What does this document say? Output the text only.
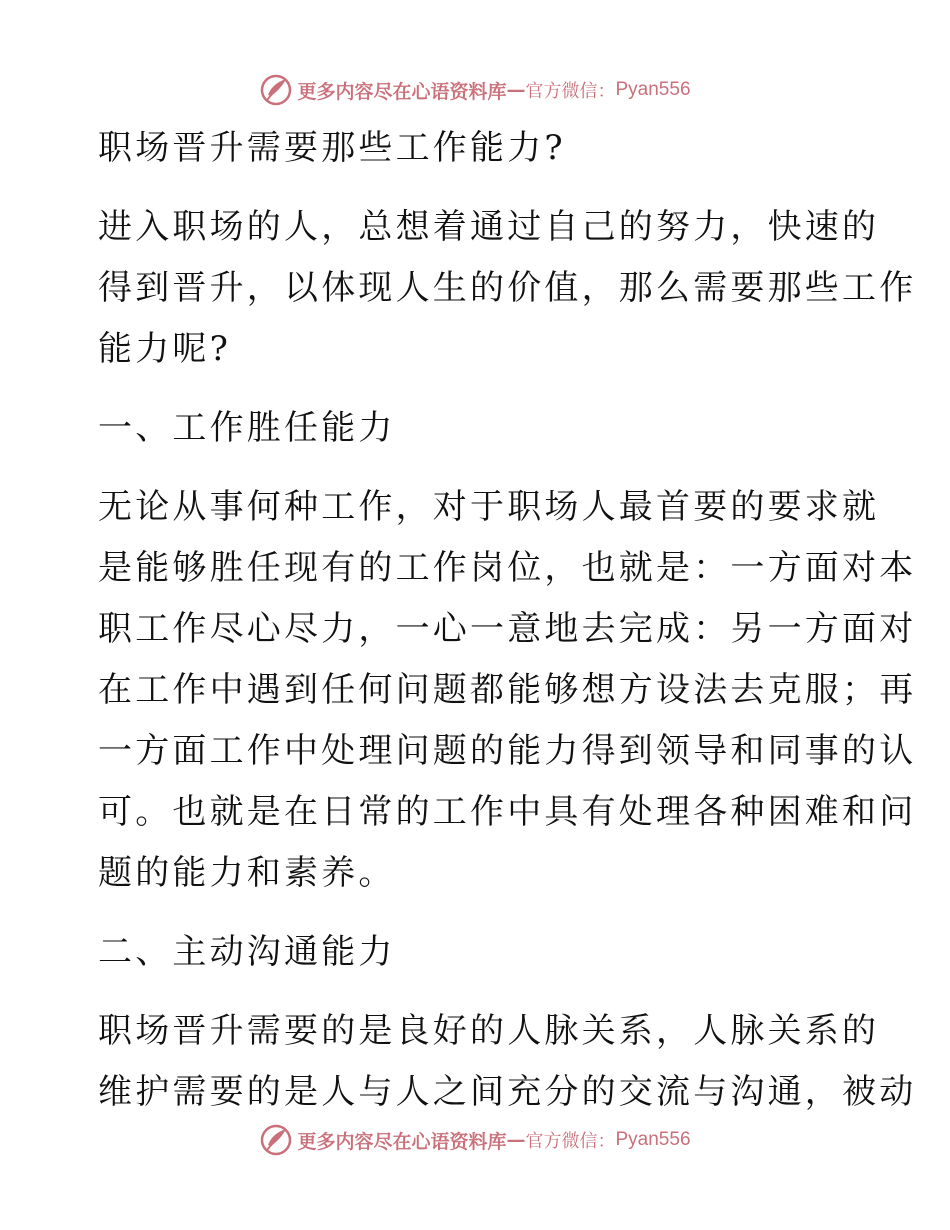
更多内容尽在心语资料库 — 官方微信： Pyan556
职场晋升需要那些工作能力?
进入职场的人，总想着通过自己的努力，快速的
得到晋升，以体现人生的价值，那么需要那些工作
能力呢?
一、工作胜任能力
无论从事何种工作，对于职场人最首要的要求就
是能够胜任现有的工作岗位，也就是：一方面对本
职工作尽心尽力，一心一意地去完成：另一方面对
在工作中遇到任何问题都能够想方设法去克服；再
一方面工作中处理问题的能力得到领导和同事的认
可。也就是在日常的工作中具有处理各种困难和问
题的能力和素养。
二、主动沟通能力
职场晋升需要的是良好的人脉关系，人脉关系的
维护需要的是人与人之间充分的交流与沟通，被动
更多内容尽在心语资料库 — 官方微信： Pyan556
